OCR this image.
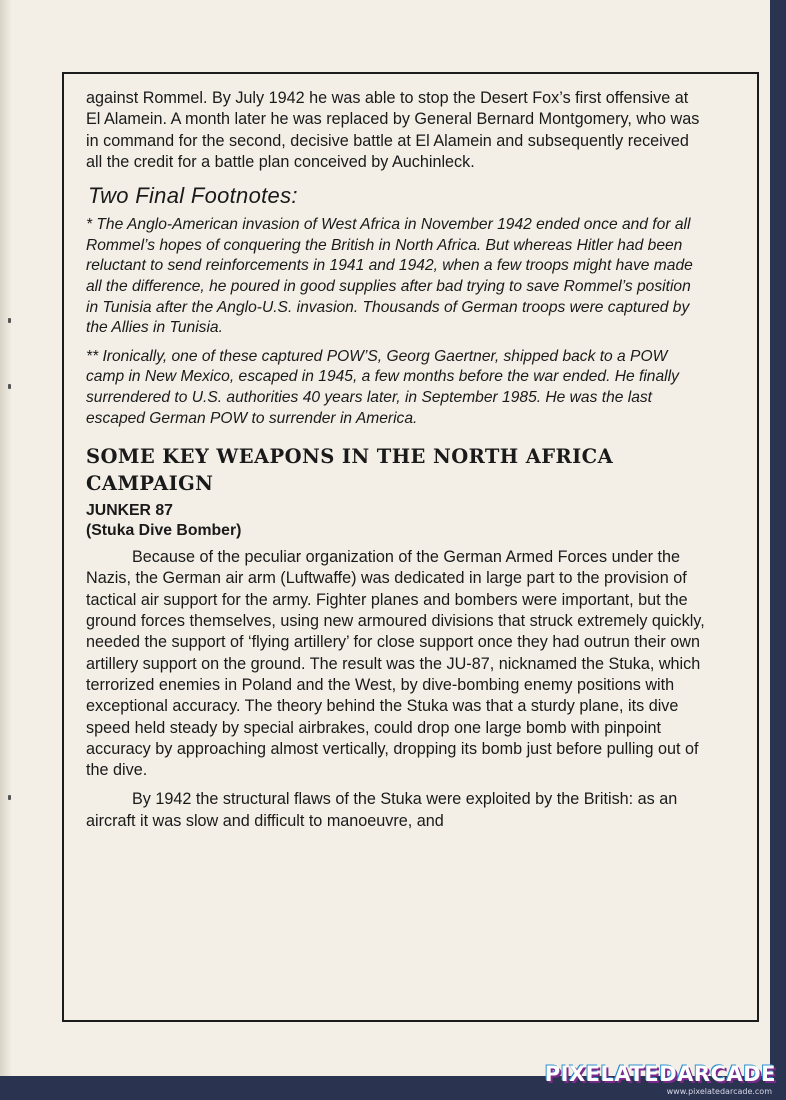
against Rommel. By July 1942 he was able to stop the Desert Fox’s first offensive at El Alamein. A month later he was replaced by General Bernard Montgomery, who was in command for the second, decisive battle at El Alamein and subsequently received all the credit for a battle plan conceived by Auchinleck.

Two Final Footnotes:

* The Anglo-American invasion of West Africa in November 1942 ended once and for all Rommel’s hopes of conquering the British in North Africa. But whereas Hitler had been reluctant to send reinforcements in 1941 and 1942, when a few troops might have made all the difference, he poured in good supplies after bad trying to save Rommel’s position in Tunisia after the Anglo-U.S. invasion. Thousands of German troops were captured by the Allies in Tunisia.

** Ironically, one of these captured POW’S, Georg Gaertner, shipped back to a POW camp in New Mexico, escaped in 1945, a few months before the war ended. He finally surrendered to U.S. authorities 40 years later, in September 1985. He was the last escaped German POW to surrender in America.

SOME KEY WEAPONS IN THE NORTH AFRICA CAMPAIGN

JUNKER 87

(Stuka Dive Bomber)

Because of the peculiar organization of the German Armed Forces under the Nazis, the German air arm (Luftwaffe) was dedicated in large part to the provision of tactical air support for the army. Fighter planes and bombers were important, but the ground forces themselves, using new armoured divisions that struck extremely quickly, needed the support of ‘flying artillery’ for close support once they had outrun their own artillery support on the ground. The result was the JU-87, nicknamed the Stuka, which terrorized enemies in Poland and the West, by dive-bombing enemy positions with exceptional accuracy. The theory behind the Stuka was that a sturdy plane, its dive speed held steady by special airbrakes, could drop one large bomb with pinpoint accuracy by approaching almost vertically, dropping its bomb just before pulling out of the dive.

By 1942 the structural flaws of the Stuka were exploited by the British: as an aircraft it was slow and difficult to manoeuvre, and

PIXELATEDARCADE
www.pixelatedarcade.com
